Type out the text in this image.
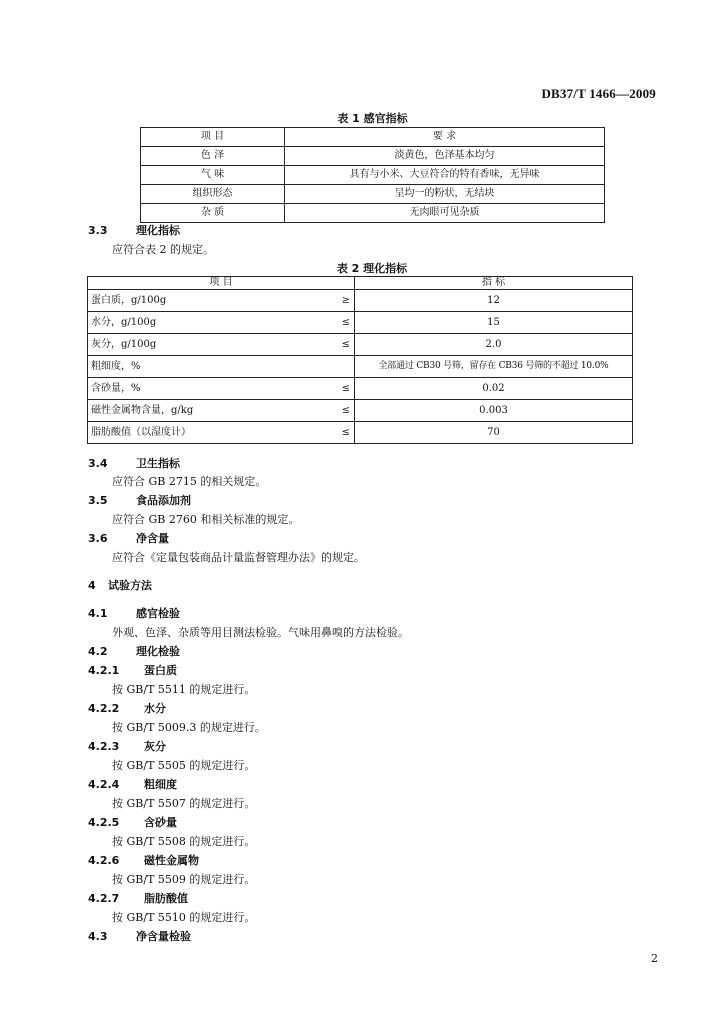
DB37/T 1466—2009
表 1 感官指标
项 目	要 求
色 泽	淡黄色，色泽基本均匀
气 味	具有与小米、大豆符合的特有香味，无异味
组织形态	呈均一的粉状，无结块
杂 质	无肉眼可见杂质
3.3	理化指标
应符合表 2 的规定。
表 2 理化指标
项 目		指 标
蛋白质，g/100g	≥	12
水分，g/100g	≤	15
灰分，g/100g	≤	2.0
粗细度，%		全部通过 CB30 号筛，留存在 CB36 号筛的不超过 10.0%
含砂量，%	≤	0.02
磁性金属物含量，g/kg	≤	0.003
脂肪酸值（以湿度计）	≤	70
3.4	卫生指标
应符合 GB 2715 的相关规定。
3.5	食品添加剂
应符合 GB 2760 和相关标准的规定。
3.6	净含量
应符合《定量包装商品计量监督管理办法》的规定。
4 试验方法
4.1	感官检验
外观、色泽、杂质等用目测法检验。气味用鼻嗅的方法检验。
4.2	理化检验
4.2.1 蛋白质
按 GB/T 5511 的规定进行。
4.2.2 水分
按 GB/T 5009.3 的规定进行。
4.2.3 灰分
按 GB/T 5505 的规定进行。
4.2.4 粗细度
按 GB/T 5507 的规定进行。
4.2.5 含砂量
按 GB/T 5508 的规定进行。
4.2.6 磁性金属物
按 GB/T 5509 的规定进行。
4.2.7 脂肪酸值
按 GB/T 5510 的规定进行。
4.3	净含量检验
2
